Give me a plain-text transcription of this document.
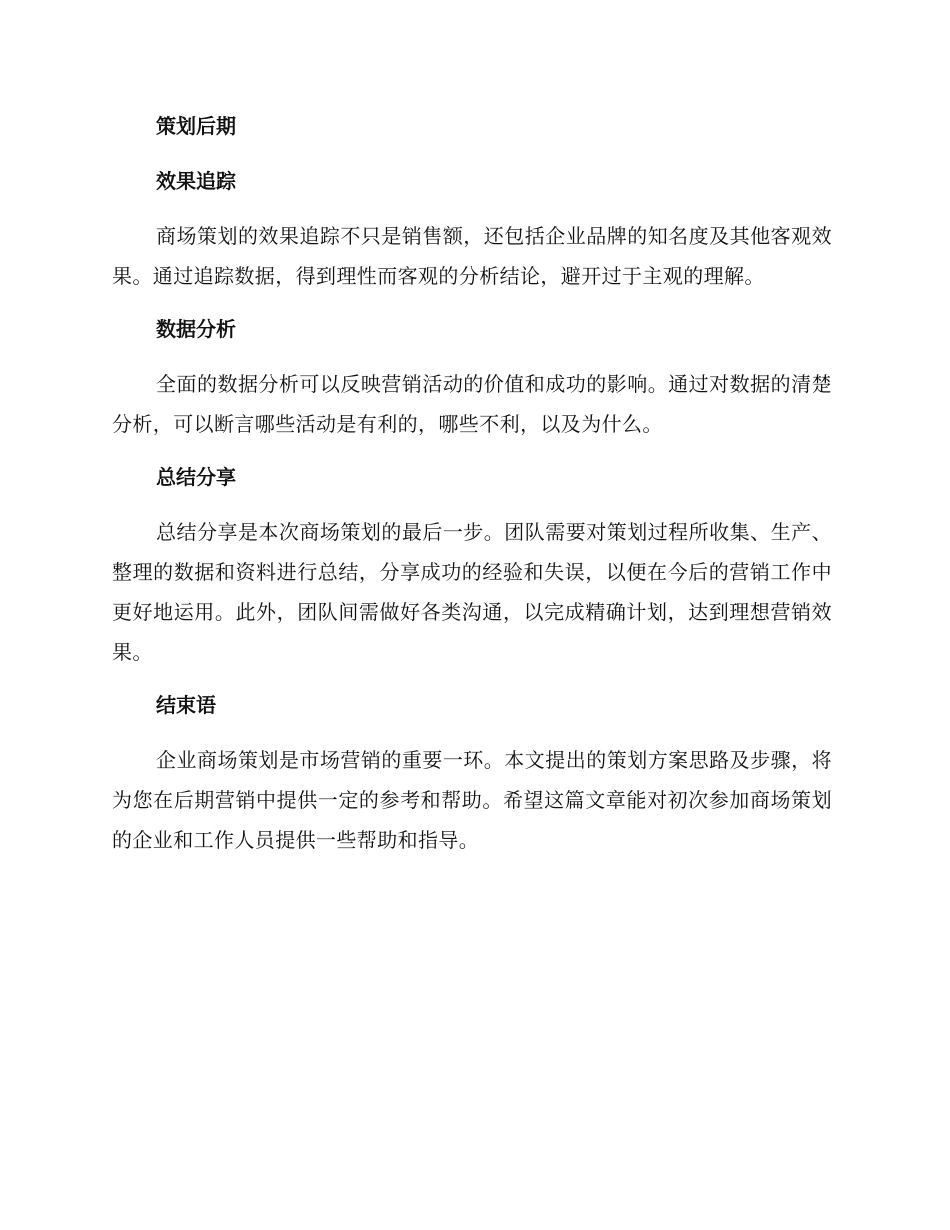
策划后期
效果追踪

商场策划的效果追踪不只是销售额，还包括企业品牌的知名度及其他客观效果。通过追踪数据，得到理性而客观的分析结论，避开过于主观的理解。

数据分析

全面的数据分析可以反映营销活动的价值和成功的影响。通过对数据的清楚分析，可以断言哪些活动是有利的，哪些不利，以及为什么。

总结分享

总结分享是本次商场策划的最后一步。团队需要对策划过程所收集、生产、整理的数据和资料进行总结，分享成功的经验和失误，以便在今后的营销工作中更好地运用。此外，团队间需做好各类沟通，以完成精确计划，达到理想营销效果。

结束语

企业商场策划是市场营销的重要一环。本文提出的策划方案思路及步骤，将为您在后期营销中提供一定的参考和帮助。希望这篇文章能对初次参加商场策划的企业和工作人员提供一些帮助和指导。
